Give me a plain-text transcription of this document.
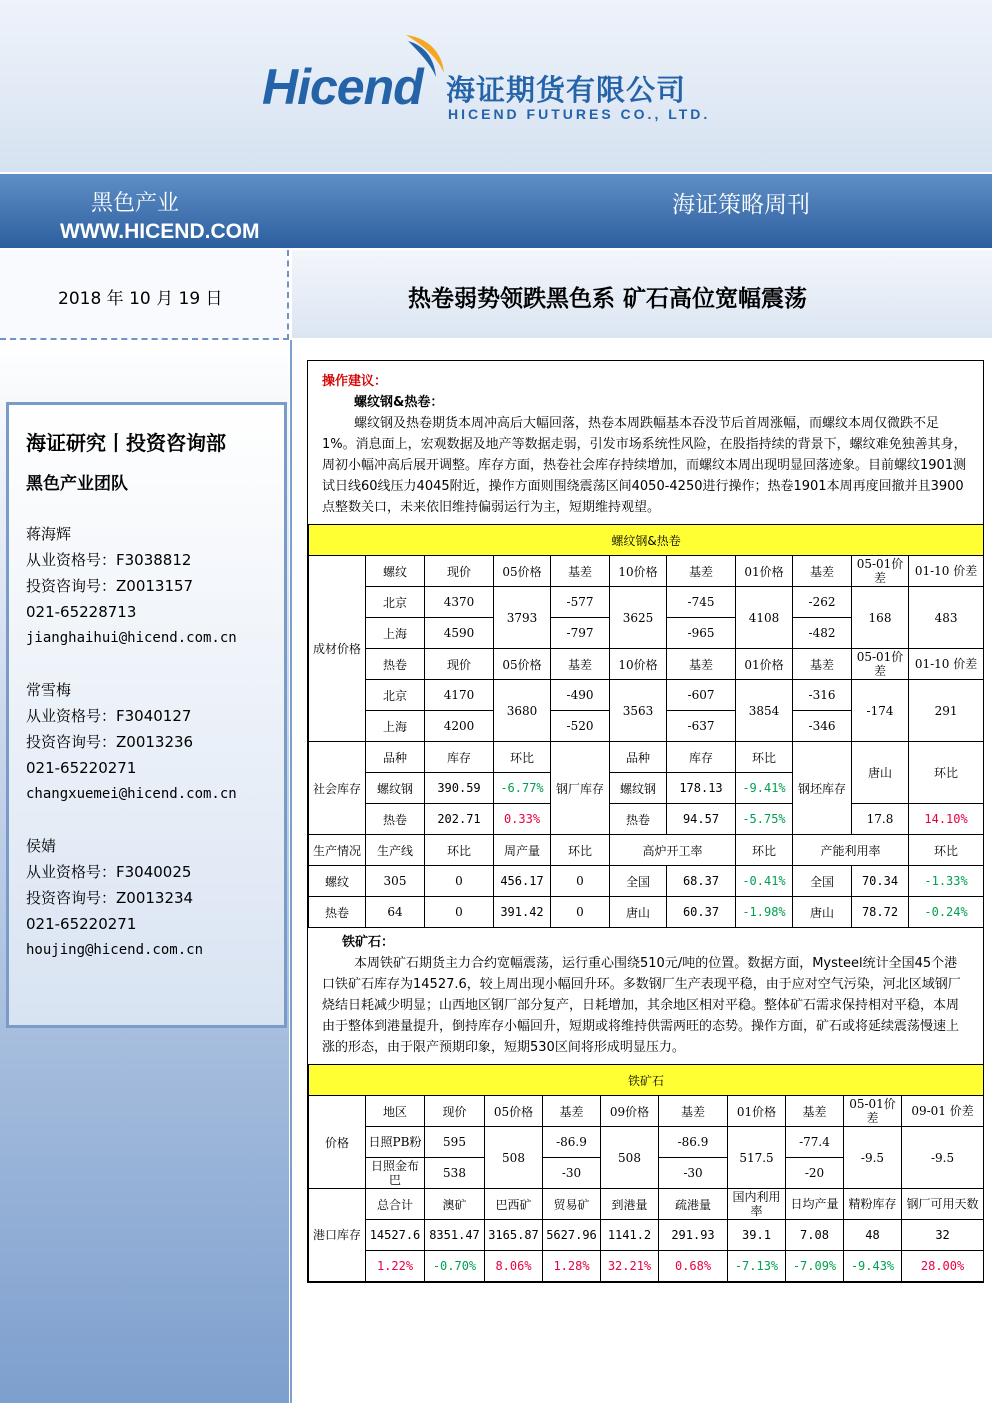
Hicend 海证期货有限公司
HICEND FUTURES CO., LTD.
黑色产业
WWW.HICEND.COM
海证策略周刊
2018 年 10 月 19 日	热卷弱势领跌黑色系 矿石高位宽幅震荡
海证研究丨投资咨询部
黑色产业团队
蒋海辉
从业资格号：F3038812
投资咨询号：Z0013157
021-65228713
jianghaihui@hicend.com.cn
常雪梅
从业资格号：F3040127
投资咨询号：Z0013236
021-65220271
changxuemei@hicend.com.cn
侯婧
从业资格号：F3040025
投资咨询号：Z0013234
021-65220271
houjing@hicend.com.cn
操作建议：
螺纹钢&热卷：
螺纹钢及热卷期货本周冲高后大幅回落，热卷本周跌幅基本吞没节后首周涨幅，而螺纹本周仅微跌不足1%。消息面上，宏观数据及地产等数据走弱，引发市场系统性风险，在股指持续的背景下，螺纹难免独善其身，周初小幅冲高后展开调整。库存方面，热卷社会库存持续增加，而螺纹本周出现明显回落迹象。目前螺纹1901测试日线60线压力4045附近，操作方面则围绕震荡区间4050-4250进行操作；热卷1901本周再度回撤并且3900点整数关口，未来依旧维持偏弱运行为主，短期维持观望。
螺纹钢&热卷										
成材价格	螺纹	现价	05价格	基差	10价格	基差	01价格	基差	05-01价差	01-10 价差
	北京	4370	3793	-577	3625	-745	4108	-262	168	483
	上海	4590		-797		-965		-482		
	热卷	现价	05价格	基差	10价格	基差	01价格	基差	05-01价差	01-10 价差
	北京	4170	3680	-490	3563	-607	3854	-316	-174	291
	上海	4200		-520		-637		-346		
社会库存	品种	库存	环比	钢厂库存	品种	库存	环比	钢坯库存	唐山	环比
	螺纹钢	390.59	-6.77%		螺纹钢	178.13	-9.41%			
	热卷	202.71	0.33%		热卷	94.57	-5.75%		17.8	14.10%
生产情况	生产线	环比	周产量	环比	高炉开工率		环比	产能利用率		环比
螺纹	305	0	456.17	0	全国	68.37	-0.41%	全国	70.34	-1.33%
热卷	64	0	391.42	0	唐山	60.37	-1.98%	唐山	78.72	-0.24%
铁矿石：
本周铁矿石期货主力合约宽幅震荡，运行重心围绕510元/吨的位置。数据方面，Mysteel统计全国45个港口铁矿石库存为14527.6，较上周出现小幅回升环。多数钢厂生产表现平稳，由于应对空气污染，河北区域钢厂烧结日耗减少明显；山西地区钢厂部分复产，日耗增加，其余地区相对平稳。整体矿石需求保持相对平稳，本周由于整体到港量提升，倒持库存小幅回升，短期或将维持供需两旺的态势。操作方面，矿石或将延续震荡慢速上涨的形态，由于限产预期印象，短期530区间将形成明显压力。
铁矿石										
价格	地区	现价	05价格	基差	09价格	基差	01价格	基差	05-01价差	09-01 价差
	日照PB粉	595	508	-86.9	508	-86.9	517.5	-77.4	-9.5	-9.5
	日照金布巴	538		-30		-30		-20		
港口库存	总合计	澳矿	巴西矿	贸易矿	到港量	疏港量	国内利用率	日均产量	精粉库存	钢厂可用天数
	14527.6	8351.47	3165.87	5627.96	1141.2	291.93	39.1	7.08	48	32
	1.22%	-0.70%	8.06%	1.28%	32.21%	0.68%	-7.13%	-7.09%	-9.43%	28.00%
